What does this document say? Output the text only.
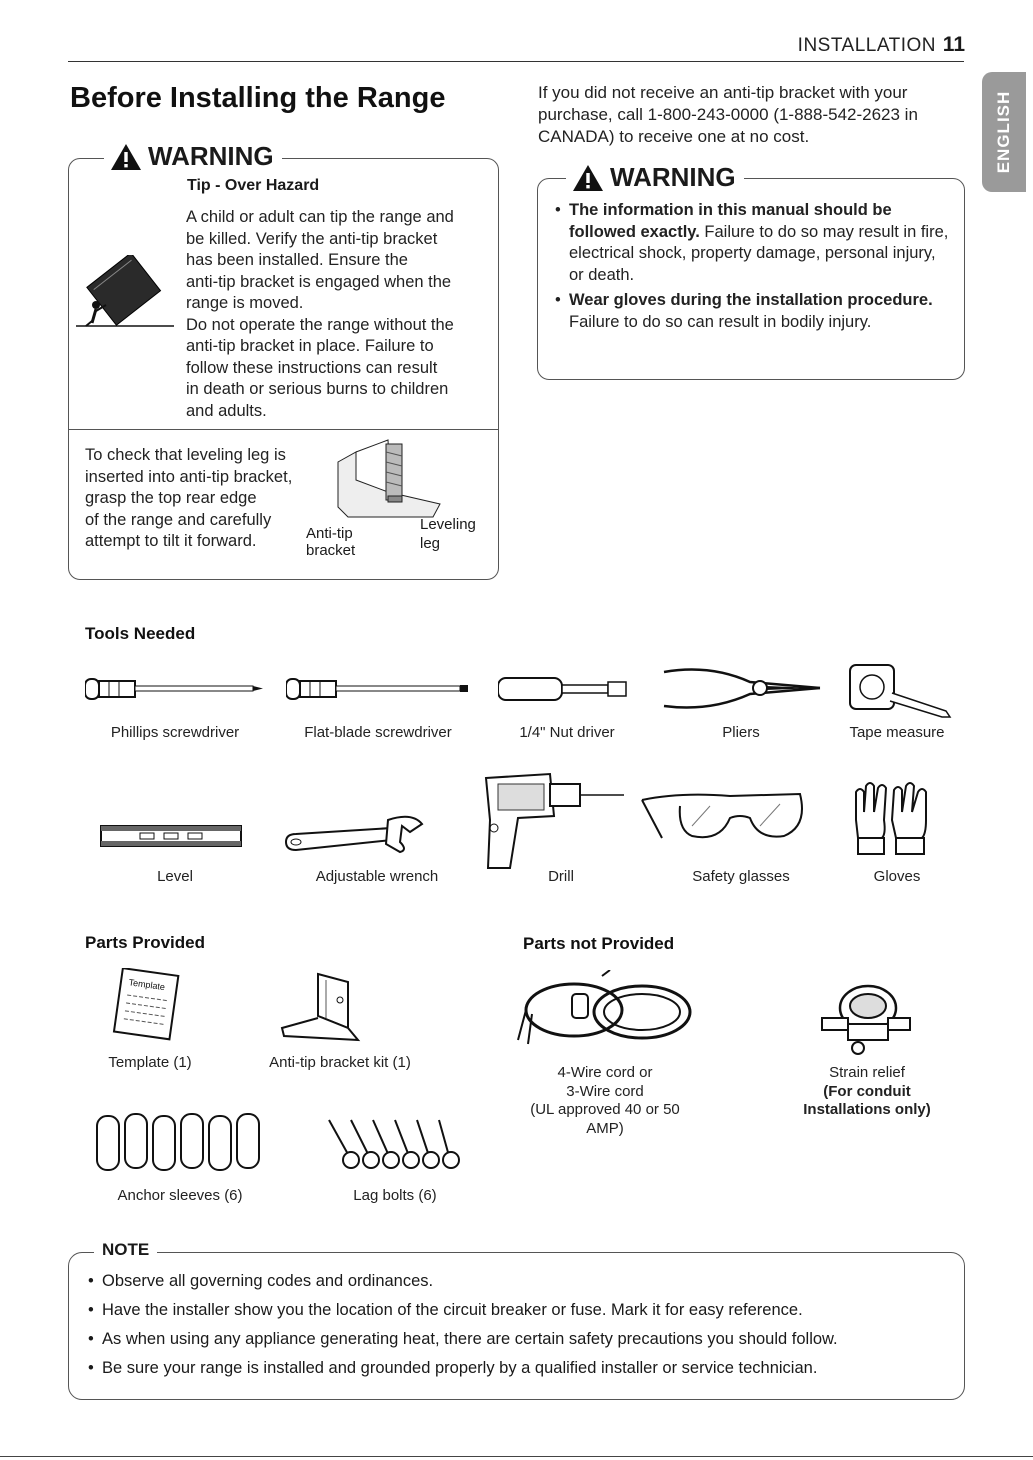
INSTALLATION 11
ENGLISH
Before Installing the Range	If you did not receive an anti-tip bracket with your purchase, call 1-800-243-0000 (1-888-542-2623 in CANADA) to receive one at no cost.
WARNING
Tip - Over Hazard
A child or adult can tip the range and
be killed. Verify the anti-tip bracket
has been installed. Ensure the
anti-tip bracket is engaged when the
range is moved.
Do not operate the range without the
anti-tip bracket in place. Failure to
follow these instructions can result
in death or serious burns to children
and adults.
To check that leveling leg is
inserted into anti-tip bracket,
grasp the top rear edge
of the range and carefully
attempt to tilt it forward.	Anti-tip
bracket
Leveling
leg
WARNING
• The information in this manual should be followed exactly. Failure to do so may result in fire, electrical shock, property damage, personal injury, or death.
• Wear gloves during the installation procedure. Failure to do so can result in bodily injury.
Tools Needed
Phillips screwdriver	Flat-blade screwdriver	1/4" Nut driver	Pliers	Tape measure
Level	Adjustable wrench	Drill	Safety glasses	Gloves
Parts Provided	Parts not Provided
Template
Template (1)	Anti-tip bracket kit (1)
Anchor sleeves (6)	Lag bolts (6)
4-Wire cord or
3-Wire cord
(UL approved 40 or 50
AMP)
Strain relief
(For conduit
Installations only)
NOTE
• Observe all governing codes and ordinances.
• Have the installer show you the location of the circuit breaker or fuse. Mark it for easy reference.
• As when using any appliance generating heat, there are certain safety precautions you should follow.
• Be sure your range is installed and grounded properly by a qualified installer or service technician.
